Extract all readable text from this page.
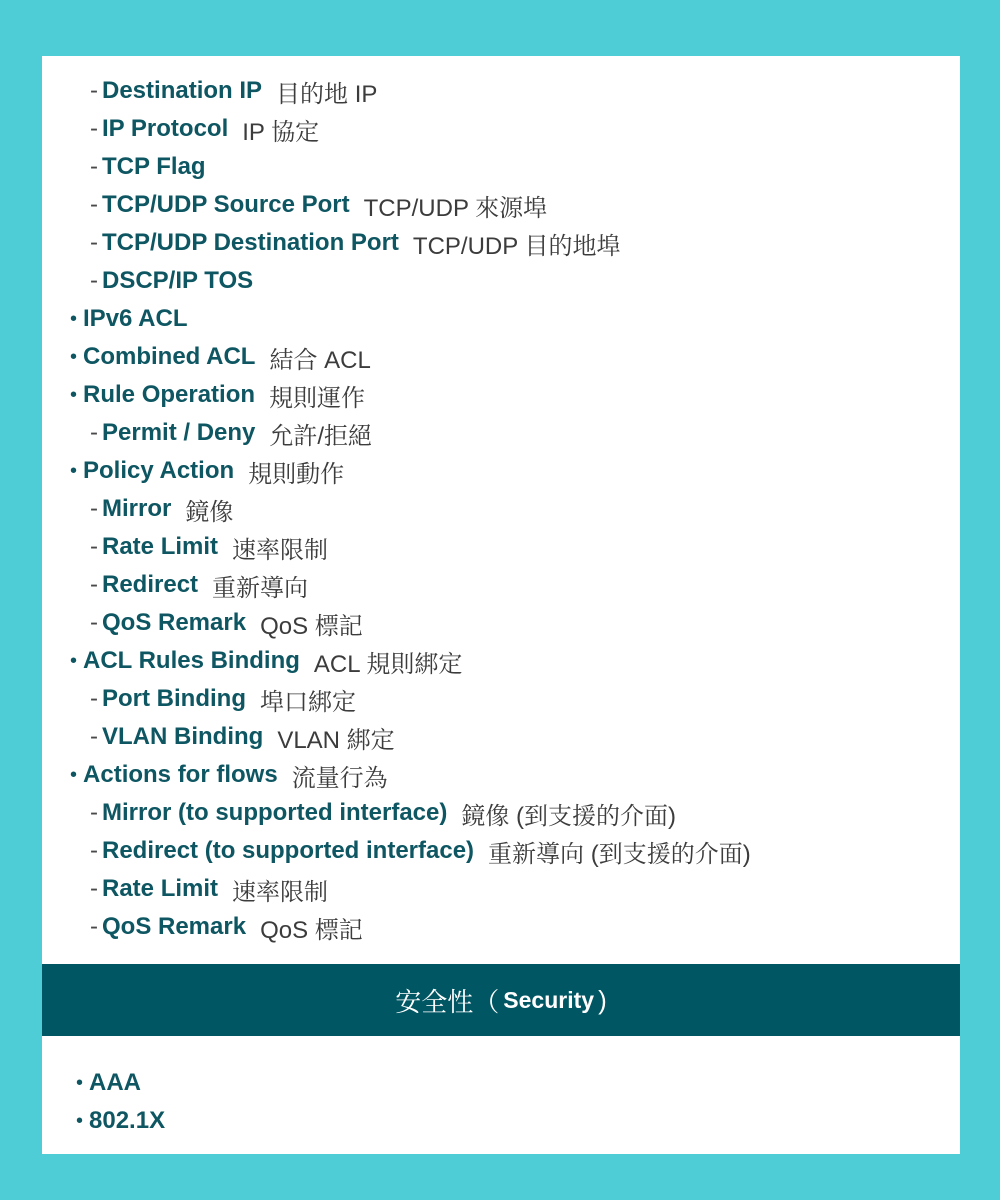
- Destination IP 目的地 IP
- IP Protocol IP 協定
- TCP Flag
- TCP/UDP Source Port TCP/UDP 來源埠
- TCP/UDP Destination Port TCP/UDP 目的地埠
- DSCP/IP TOS
• IPv6 ACL
• Combined ACL 結合 ACL
• Rule Operation 規則運作
- Permit / Deny 允許/拒絕
• Policy Action 規則動作
- Mirror 鏡像
- Rate Limit 速率限制
- Redirect 重新導向
- QoS Remark QoS 標記
• ACL Rules Binding ACL 規則綁定
- Port Binding 埠口綁定
- VLAN Binding VLAN 綁定
• Actions for flows 流量行為
- Mirror (to supported interface) 鏡像 (到支援的介面)
- Redirect (to supported interface) 重新導向 (到支援的介面)
- Rate Limit 速率限制
- QoS Remark QoS 標記
安全性 （ Security )
• AAA
• 802.1X
